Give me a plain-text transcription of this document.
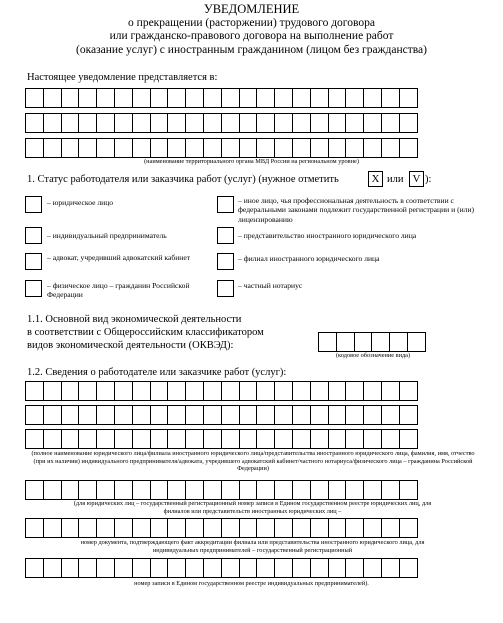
УВЕДОМЛЕНИЕ
о прекращении (расторжении) трудового договора
или гражданско-правового договора на выполнение работ
(оказание услуг) с иностранным гражданином (лицом без гражданства)
Настоящее уведомление представляется в:
(наименование территориального органа МВД России на региональном уровне)
1. Статус работодателя или заказчика работ (услуг) (нужное отметить	X или V ):
– юридическое лицо
– индивидуальный предприниматель
– адвокат, учредивший адвокатский кабинет
– физическое лицо – гражданин Российской Федерации
– иное лицо, чья профессиональная деятельность в соответствии с федеральными законами подлежит государственной регистрации и (или) лицензированию
– представительство иностранного юридического лица
– филиал иностранного юридического лица
– частный нотариус
1.1. Основной вид экономической деятельности
в соответствии с Общероссийским классификатором
видов экономической деятельности (ОКВЭД):
(кодовое обозначение вида)
1.2. Сведения о работодателе или заказчике работ (услуг):
(полное наименование юридического лица/филиала иностранного юридического лица/представительства иностранного юридического лица, фамилия, имя, отчество (при их наличии) индивидуального предпринимателя/адвоката, учредившего адвокатский кабинет/частного нотариуса/физического лица – гражданина Российской Федерации)
(для юридических лиц – государственный регистрационный номер записи в Едином государственном реестре юридических лиц, для филиалов или представительств иностранных юридических лиц –
номер документа, подтверждающего факт аккредитации филиала или представительства иностранного юридического лица, для индивидуальных предпринимателей – государственный регистрационный
номер записи в Едином государственном реестре индивидуальных предпринимателей).
